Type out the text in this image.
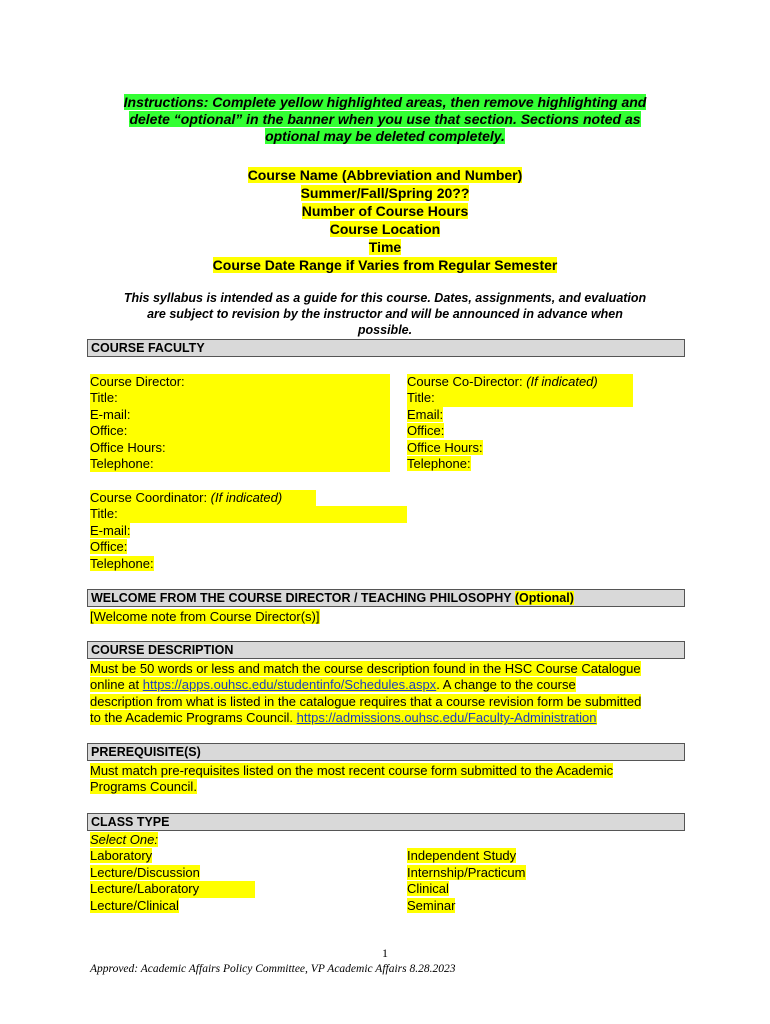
Instructions: Complete yellow highlighted areas, then remove highlighting and
delete “optional” in the banner when you use that section. Sections noted as
optional may be deleted completely.
Course Name (Abbreviation and Number)
Summer/Fall/Spring 20??
Number of Course Hours
Course Location
Time
Course Date Range if Varies from Regular Semester
This syllabus is intended as a guide for this course. Dates, assignments, and evaluation
are subject to revision by the instructor and will be announced in advance when
possible.
COURSE FACULTY
Course Director:
Title:
E-mail:
Office:
Office Hours:
Telephone:
Course Co-Director: (If indicated)
Title:
Email:
Office:
Office Hours:
Telephone:
Course Coordinator: (If indicated)
Title:
E-mail:
Office:
Telephone:
WELCOME FROM THE COURSE DIRECTOR / TEACHING PHILOSOPHY (Optional)
[Welcome note from Course Director(s)]
COURSE DESCRIPTION
Must be 50 words or less and match the course description found in the HSC Course Catalogue
online at https://apps.ouhsc.edu/studentinfo/Schedules.aspx. A change to the course
description from what is listed in the catalogue requires that a course revision form be submitted
to the Academic Programs Council. https://admissions.ouhsc.edu/Faculty-Administration
PREREQUISITE(S)
Must match pre-requisites listed on the most recent course form submitted to the Academic
Programs Council.
CLASS TYPE
Select One:
Laboratory
Lecture/Discussion
Lecture/Laboratory
Lecture/Clinical
Independent Study
Internship/Practicum
Clinical
Seminar
1
Approved: Academic Affairs Policy Committee, VP Academic Affairs 8.28.2023
